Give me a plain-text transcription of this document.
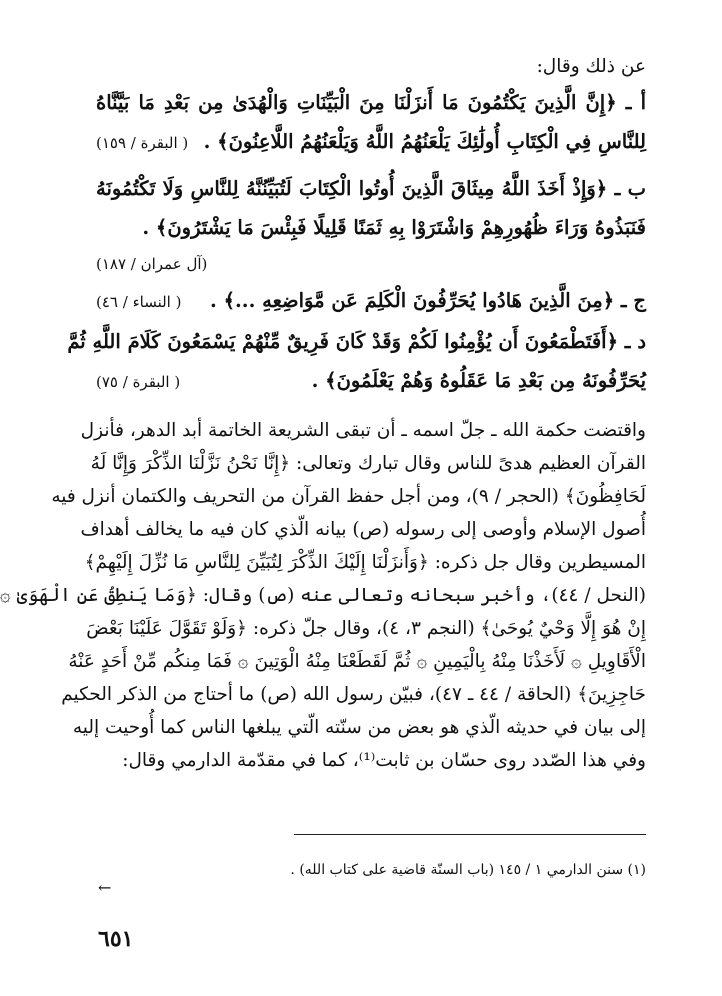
عن ذلك وقال:

أ ـ ﴿إِنَّ الَّذِينَ يَكْتُمُونَ مَا أَنزَلْنَا مِنَ الْبَيِّنَاتِ وَالْهُدَىٰ مِن بَعْدِ مَا بَيَّنَّاهُ

لِلنَّاسِ فِي الْكِتَابِ أُولَٰئِكَ يَلْعَنُهُمُ اللَّهُ وَيَلْعَنُهُمُ اللَّاعِنُونَ﴾ .
( البقرة / ١٥٩)

ب ـ ﴿وَإِذْ أَخَذَ اللَّهُ مِيثَاقَ الَّذِينَ أُوتُوا الْكِتَابَ لَتُبَيِّنُنَّهُ لِلنَّاسِ وَلَا تَكْتُمُونَهُ

فَنَبَذُوهُ وَرَاءَ ظُهُورِهِمْ وَاشْتَرَوْا بِهِ ثَمَنًا قَلِيلًا فَبِئْسَ مَا يَشْتَرُونَ﴾ .

(آل عمران / ١٨٧)

ج ـ ﴿مِنَ الَّذِينَ هَادُوا يُحَرِّفُونَ الْكَلِمَ عَن مَّوَاضِعِهِ ...﴾ .
( النساء / ٤٦)

د ـ ﴿أَفَتَطْمَعُونَ أَن يُؤْمِنُوا لَكُمْ وَقَدْ كَانَ فَرِيقٌ مِّنْهُمْ يَسْمَعُونَ كَلَامَ اللَّهِ ثُمَّ

يُحَرِّفُونَهُ مِن بَعْدِ مَا عَقَلُوهُ وَهُمْ يَعْلَمُونَ﴾ .
( البقرة / ٧٥)

واقتضت حكمة الله ـ جلّ اسمه ـ أن تبقى الشريعة الخاتمة أبد الدهر، فأنزل

القرآن العظيم هدىً للناس وقال تبارك وتعالى: ﴿إِنَّا نَحْنُ نَزَّلْنَا الذِّكْرَ وَإِنَّا لَهُ

لَحَافِظُونَ﴾ (الحجر / ٩)، ومن أجل حفظ القرآن من التحريف والكتمان أنزل فيه

أُصول الإسلام وأوصى إلى رسوله (ص) بيانه الّذي كان فيه ما يخالف أهداف

المسيطرين وقال جل ذكره: ﴿وَأَنزَلْنَا إِلَيْكَ الذِّكْرَ لِتُبَيِّنَ لِلنَّاسِ مَا نُزِّلَ إِلَيْهِمْ﴾

(النحل / ٤٤)، وأخبر سبحانه وتعالى عنه (ص) وقال: ﴿وَمَا يَنطِقُ عَنِ الْهَوَىٰ ۞

إِنْ هُوَ إِلَّا وَحْيٌ يُوحَىٰ﴾ (النجم ٣، ٤)، وقال جلّ ذكره: ﴿وَلَوْ تَقَوَّلَ عَلَيْنَا بَعْضَ

الْأَقَاوِيلِ ۞ لَأَخَذْنَا مِنْهُ بِالْيَمِينِ ۞ ثُمَّ لَقَطَعْنَا مِنْهُ الْوَتِينَ ۞ فَمَا مِنكُم مِّنْ أَحَدٍ عَنْهُ

حَاجِزِينَ﴾ (الحاقة / ٤٤ ـ ٤٧)، فبيّن رسول الله (ص) ما أحتاج من الذكر الحكيم

إلى بيان في حديثه الّذي هو بعض من سنّته الّتي يبلغها الناس كما أُوحيت إليه

وفي هذا الصّدد روى حسّان بن ثابت⁽¹⁾، كما في مقدّمة الدارمي وقال:

(١) سنن الدارمي ١ / ١٤٥ (باب السنّة قاضية على كتاب الله) .

←
٦٥١
